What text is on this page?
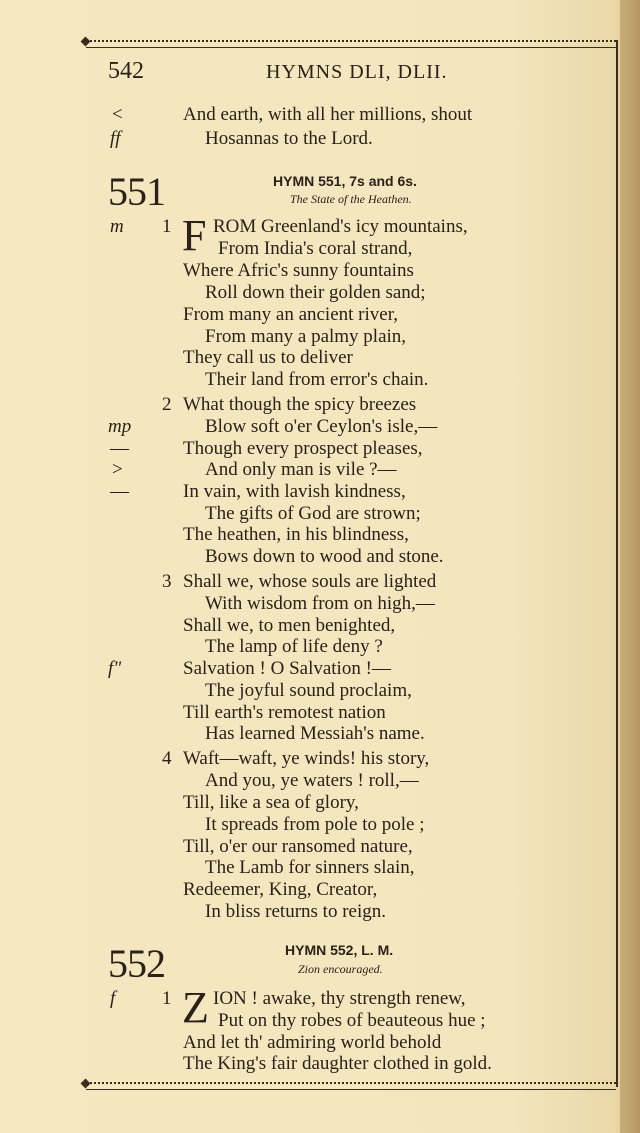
542	HYMNS DLI, DLII.
<
ff
And earth, with all her millions, shout
Hosannas to the Lord.
551	HYMN 551, 7s and 6s.
The State of the Heathen.
m 1 F ROM Greenland's icy mountains,
From India's coral strand,
Where Afric's sunny fountains
Roll down their golden sand;
From many an ancient river,
From many a palmy plain,
They call us to deliver
Their land from error's chain.
2 What though the spicy breezes
mp	Blow soft o'er Ceylon's isle,—
—	Though every prospect pleases,
>	And only man is vile ?—
—	In vain, with lavish kindness,
The gifts of God are strown;
The heathen, in his blindness,
Bows down to wood and stone.
3 Shall we, whose souls are lighted
With wisdom from on high,—
Shall we, to men benighted,
The lamp of life deny ?
f"	Salvation ! O Salvation !—
The joyful sound proclaim,
Till earth's remotest nation
Has learned Messiah's name.
4 Waft—waft, ye winds! his story,
And you, ye waters ! roll,—
Till, like a sea of glory,
It spreads from pole to pole ;
Till, o'er our ransomed nature,
The Lamb for sinners slain,
Redeemer, King, Creator,
In bliss returns to reign.
552	HYMN 552, L. M.
Zion encouraged.
f 1 Z ION ! awake, thy strength renew,
Put on thy robes of beauteous hue ;
And let th' admiring world behold
The King's fair daughter clothed in gold.
